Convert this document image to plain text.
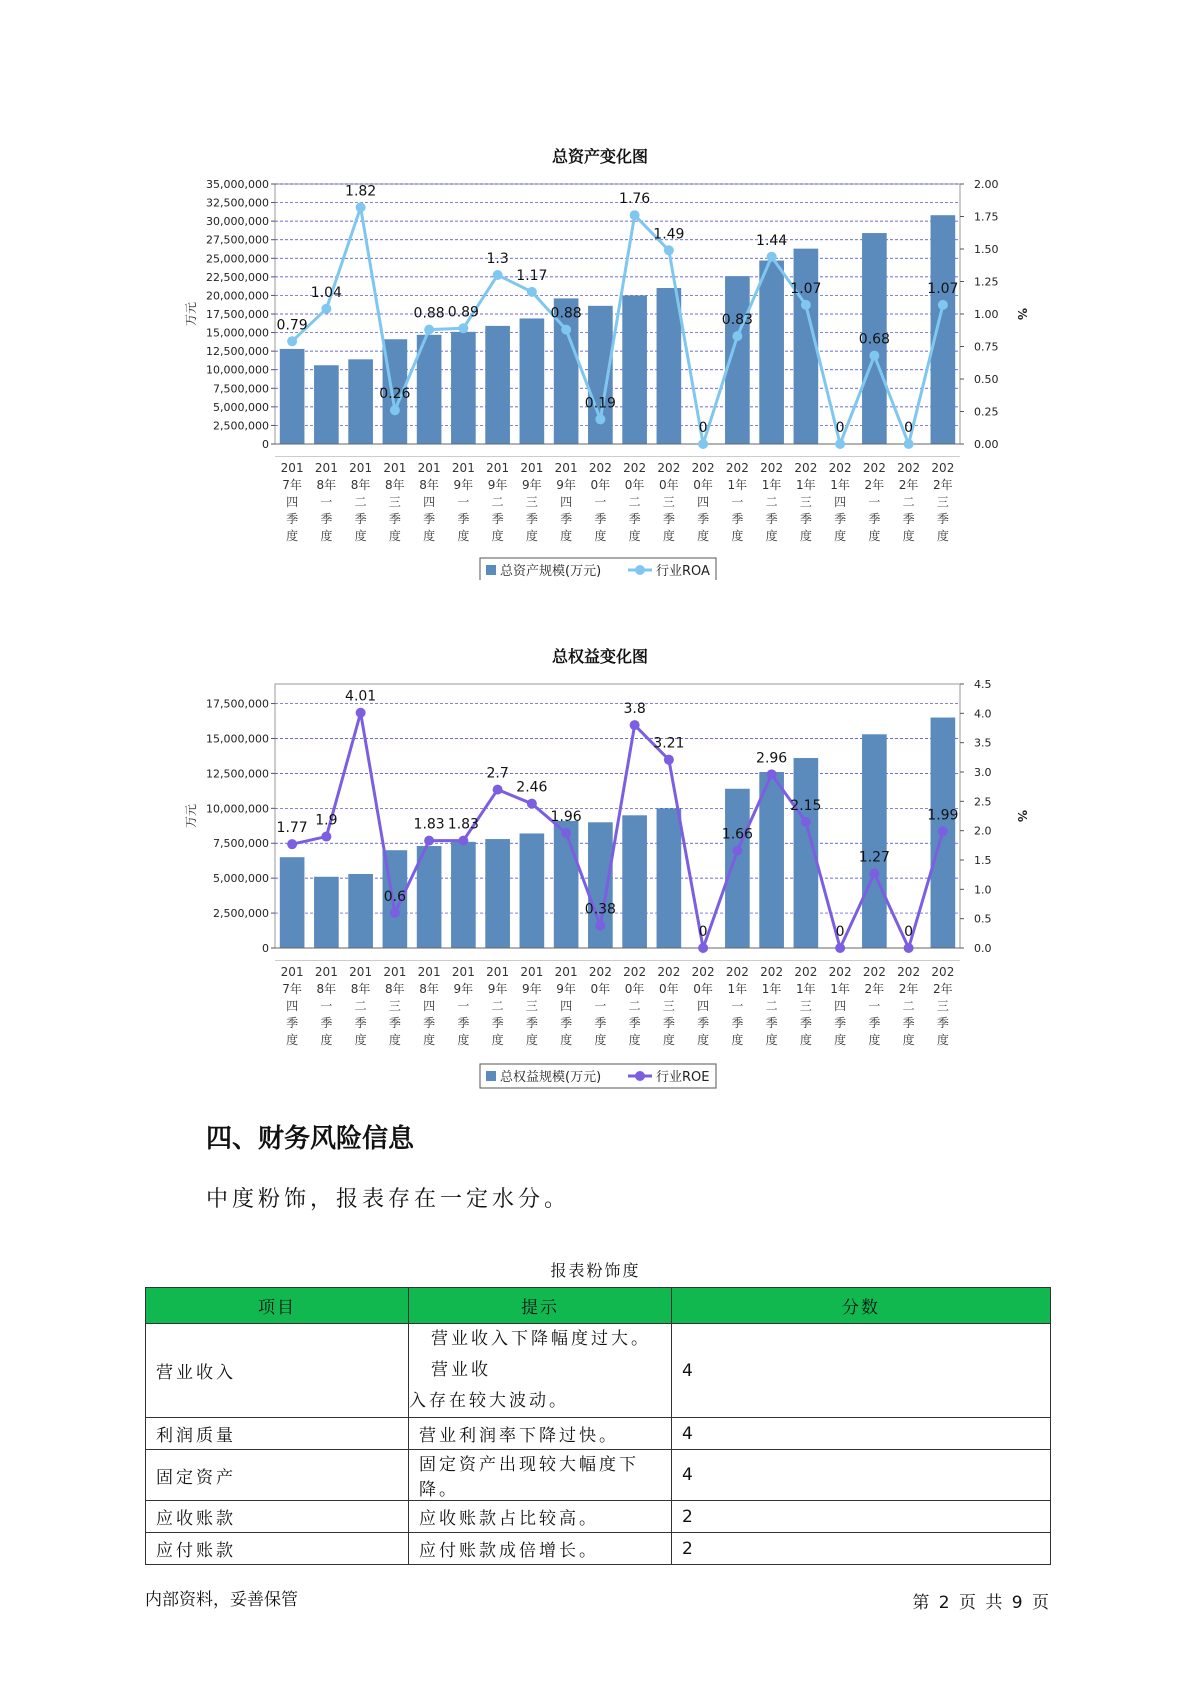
总资产变化图
0
2,500,000
5,000,000
7,500,000
10,000,000
12,500,000
15,000,000
17,500,000
20,000,000
22,500,000
25,000,000
27,500,000
30,000,000
32,500,000
35,000,000
0.00
0.25
0.50
0.75
1.00
1.25
1.50
1.75
2.00
万元	%
201
7年
四
季
度
201
8年
一
季
度
201
8年
二
季
度
201
8年
三
季
度
201
8年
四
季
度
201
9年
一
季
度
201
9年
二
季
度
201
9年
三
季
度
201
9年
四
季
度
202
0年
一
季
度
202
0年
二
季
度
202
0年
三
季
度
202
0年
四
季
度
202
1年
一
季
度
202
1年
二
季
度
202
1年
三
季
度
202
1年
四
季
度
202
2年
一
季
度
202
2年
二
季
度
202
2年
三
季
度
0.79
1.04
1.82
0.26
0.88 0.89
1.3
1.17
0.88
0.19
1.76
1.49
0
0.83
1.44
1.07
0
0.68
0
1.07
总资产规模(万元)	行业ROA
总权益变化图
0
2,500,000
5,000,000
7,500,000
10,000,000
12,500,000
15,000,000
17,500,000
0.0
0.5
1.0
1.5
2.0
2.5
3.0
3.5
4.0
4.5
万元	%
201
7年
四
季
度
201
8年
一
季
度
201
8年
二
季
度
201
8年
三
季
度
201
8年
四
季
度
201
9年
一
季
度
201
9年
二
季
度
201
9年
三
季
度
201
9年
四
季
度
202
0年
一
季
度
202
0年
二
季
度
202
0年
三
季
度
202
0年
四
季
度
202
1年
一
季
度
202
1年
二
季
度
202
1年
三
季
度
202
1年
四
季
度
202
2年
一
季
度
202
2年
二
季
度
202
2年
三
季
度
1.77 1.9
4.01
0.6
1.83 1.83
2.7
2.46
1.96
0.38
3.8
3.21
0
1.66
2.96
2.15
0
1.27
0
1.99
总权益规模(万元)	行业ROE
四、财务风险信息
中度粉饰，报表存在一定水分。
报表粉饰度
项目	提示	分数
营业收入	营业收入下降幅度过大。营业收
入存在较大波动。	4
利润质量	营业利润率下降过快。	4
固定资产	固定资产出现较大幅度下降。	4
应收账款	应收账款占比较高。	2
应付账款	应付账款成倍增长。	2
内部资料，妥善保管	第 2 页 共 9 页
